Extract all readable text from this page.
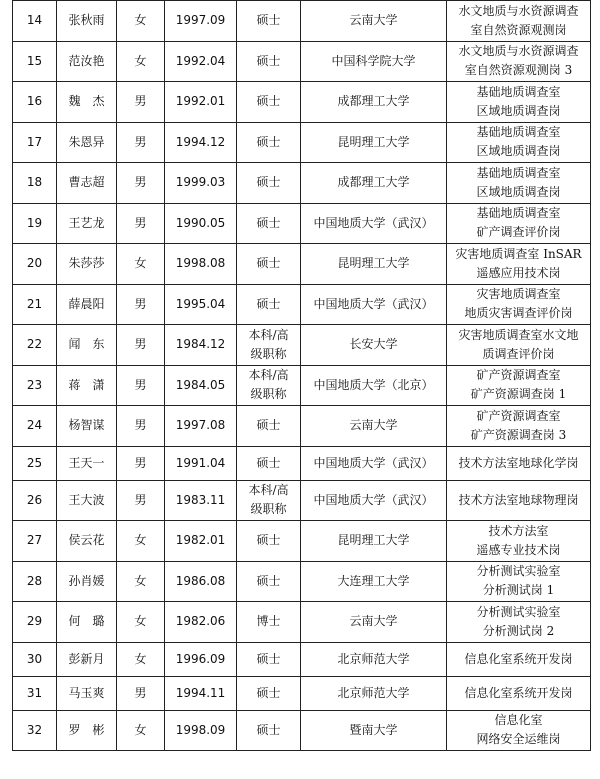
14	张秋雨	女	1997.09	硕士	云南大学	水文地质与水资源调查
室自然资源观测岗

15	范汝艳	女	1992.04	硕士	中国科学院大学	水文地质与水资源调查
室自然资源观测岗 3

16	魏　杰	男	1992.01	硕士	成都理工大学	基础地质调查室
区域地质调查岗

17	朱恩异	男	1994.12	硕士	昆明理工大学	基础地质调查室
区域地质调查岗

18	曹志超	男	1999.03	硕士	成都理工大学	基础地质调查室
区域地质调查岗

19	王艺龙	男	1990.05	硕士	中国地质大学（武汉）	基础地质调查室
矿产调查评价岗

20	朱莎莎	女	1998.08	硕士	昆明理工大学	灾害地质调查室 InSAR
遥感应用技术岗

21	薛晨阳	男	1995.04	硕士	中国地质大学（武汉）	灾害地质调查室
地质灾害调查评价岗

22	闻　东	男	1984.12	本科/高
级职称	长安大学	灾害地质调查室水文地
质调查评价岗

23	蒋　潇	男	1984.05	本科/高
级职称	中国地质大学（北京）	矿产资源调查室
矿产资源调查岗 1

24	杨智谋	男	1997.08	硕士	云南大学	矿产资源调查室
矿产资源调查岗 3

25	王天一	男	1991.04	硕士	中国地质大学（武汉）	技术方法室地球化学岗

26	王大波	男	1983.11	本科/高
级职称	中国地质大学（武汉）	技术方法室地球物理岗

27	侯云花	女	1982.01	硕士	昆明理工大学	技术方法室
遥感专业技术岗

28	孙肖媛	女	1986.08	硕士	大连理工大学	分析测试实验室
分析测试岗 1

29	何　璐	女	1982.06	博士	云南大学	分析测试实验室
分析测试岗 2

30	彭新月	女	1996.09	硕士	北京师范大学	信息化室系统开发岗

31	马玉爽	男	1994.11	硕士	北京师范大学	信息化室系统开发岗

32	罗　彬	女	1998.09	硕士	暨南大学	信息化室
网络安全运维岗
